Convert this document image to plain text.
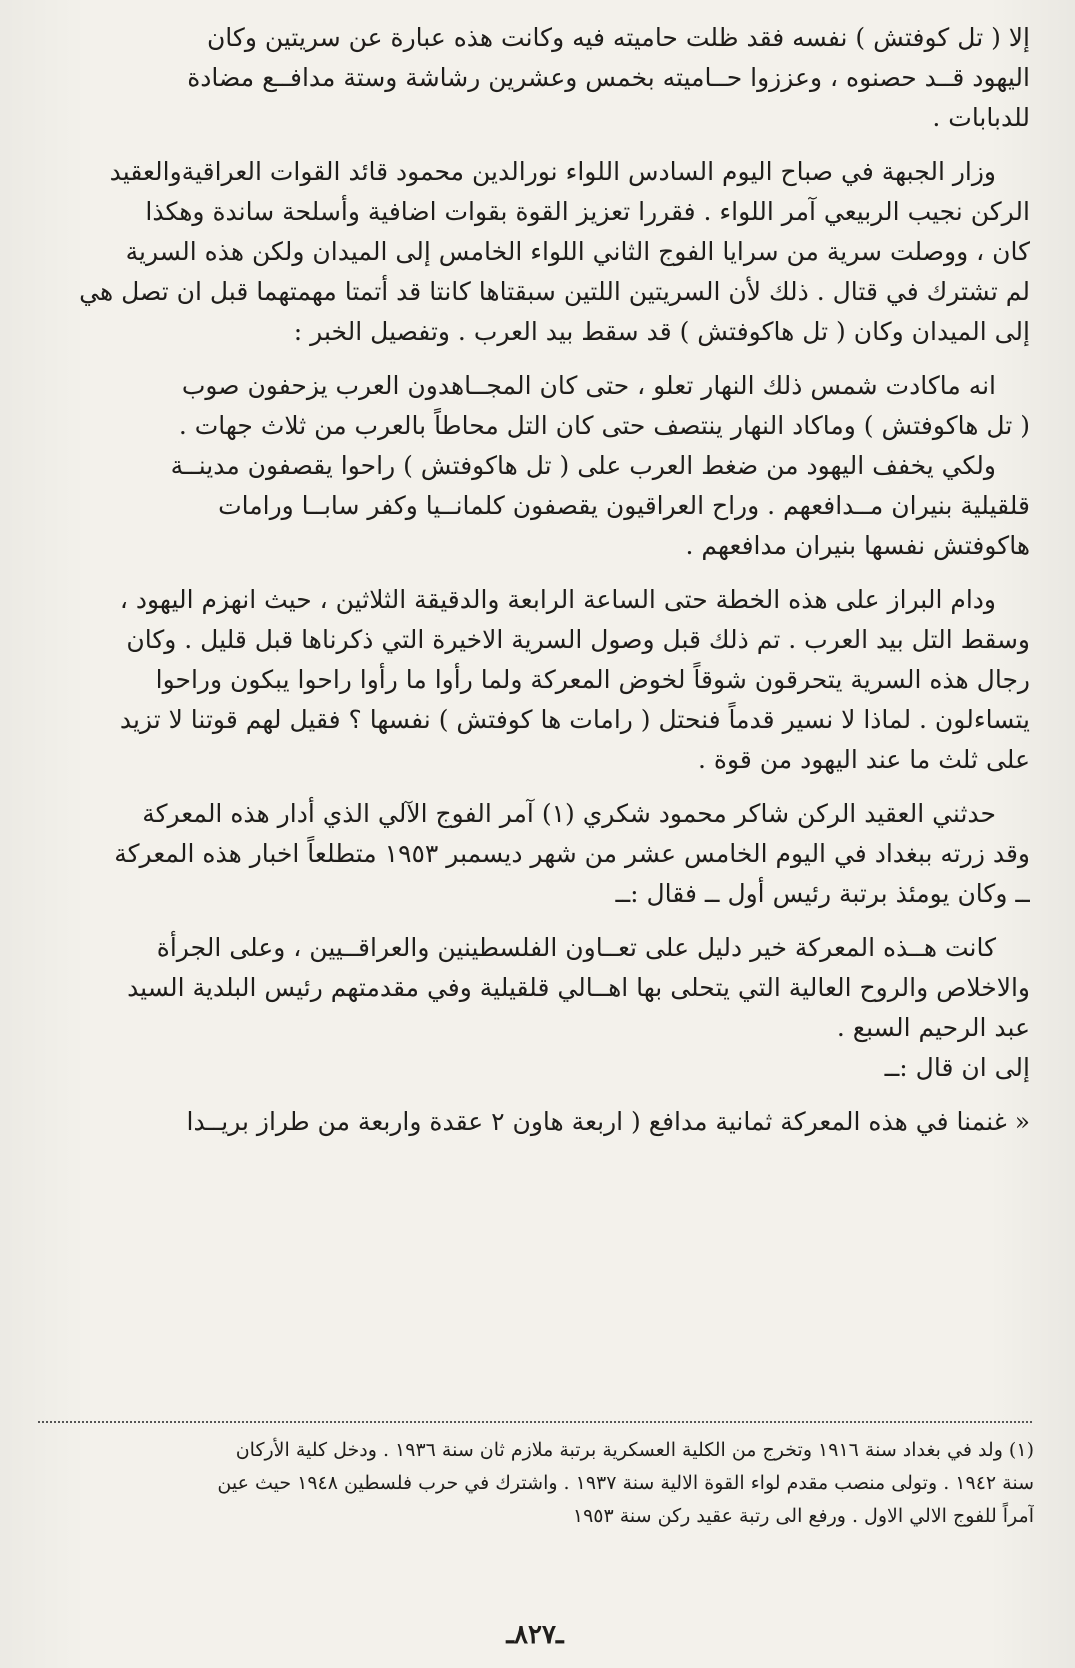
إلا ( تل كوفتش ) نفسه فقد ظلت حاميته فيه وكانت هذه عبارة عن سريتين وكان

اليهود قــد حصنوه ، وعززوا حــاميته بخمس وعشرين رشاشة وستة مدافــع مضادة

للدبابات .

وزار الجبهة في صباح اليوم السادس اللواء نورالدين محمود قائد القوات العراقيةوالعقيد

الركن نجيب الربيعي آمر اللواء . فقررا تعزيز القوة بقوات اضافية وأسلحة ساندة وهكذا

كان ، ووصلت سرية من سرايا الفوج الثاني اللواء الخامس إلى الميدان ولكن هذه السرية

لم تشترك في قتال . ذلك لأن السريتين اللتين سبقتاها كانتا قد أتمتا مهمتهما قبل ان تصل هي

إلى الميدان وكان ( تل هاكوفتش ) قد سقط بيد العرب . وتفصيل الخبر :

انه ماكادت شمس ذلك النهار تعلو ، حتى كان المجــاهدون العرب يزحفون صوب

( تل هاكوفتش ) وماكاد النهار ينتصف حتى كان التل محاطاً بالعرب من ثلاث جهات .

ولكي يخفف اليهود من ضغط العرب على ( تل هاكوفتش ) راحوا يقصفون مدينــة

قلقيلية بنيران مــدافعهم . وراح العراقيون يقصفون كلمانــيا وكفر سابــا ورامات

هاكوفتش نفسها بنيران مدافعهم .

ودام البراز على هذه الخطة حتى الساعة الرابعة والدقيقة الثلاثين ، حيث انهزم اليهود ،

وسقط التل بيد العرب . تم ذلك قبل وصول السرية الاخيرة التي ذكرناها قبل قليل . وكان

رجال هذه السرية يتحرقون شوقاً لخوض المعركة ولما رأوا ما رأوا راحوا يبكون وراحوا

يتساءلون . لماذا لا نسير قدماً فنحتل ( رامات ها كوفتش ) نفسها ؟ فقيل لهم قوتنا لا تزيد

على ثلث ما عند اليهود من قوة .

حدثني العقيد الركن شاكر محمود شكري (١) آمر الفوج الآلي الذي أدار هذه المعركة

وقد زرته ببغداد في اليوم الخامس عشر من شهر ديسمبر ١٩٥٣ متطلعاً اخبار هذه المعركة

ــ وكان يومئذ برتبة رئيس أول ــ فقال :ــ

كانت هــذه المعركة خير دليل على تعــاون الفلسطينين والعراقــيين ، وعلى الجرأة

والاخلاص والروح العالية التي يتحلى بها اهــالي قلقيلية وفي مقدمتهم رئيس البلدية السيد

عبد الرحيم السبع .

إلى ان قال :ــ

« غنمنا في هذه المعركة ثمانية مدافع ( اربعة هاون ٢ عقدة واربعة من طراز بريــدا

(١) ولد في بغداد سنة ١٩١٦ وتخرج من الكلية العسكرية برتبة ملازم ثان سنة ١٩٣٦ . ودخل كلية الأركان

سنة ١٩٤٢ . وتولى منصب مقدم لواء القوة الالية سنة ١٩٣٧ . واشترك في حرب فلسطين ١٩٤٨ حيث عين

آمراً للفوج الالي الاول . ورفع الى رتبة عقيد ركن سنة ١٩٥٣

ـ٨٢٧ـ
